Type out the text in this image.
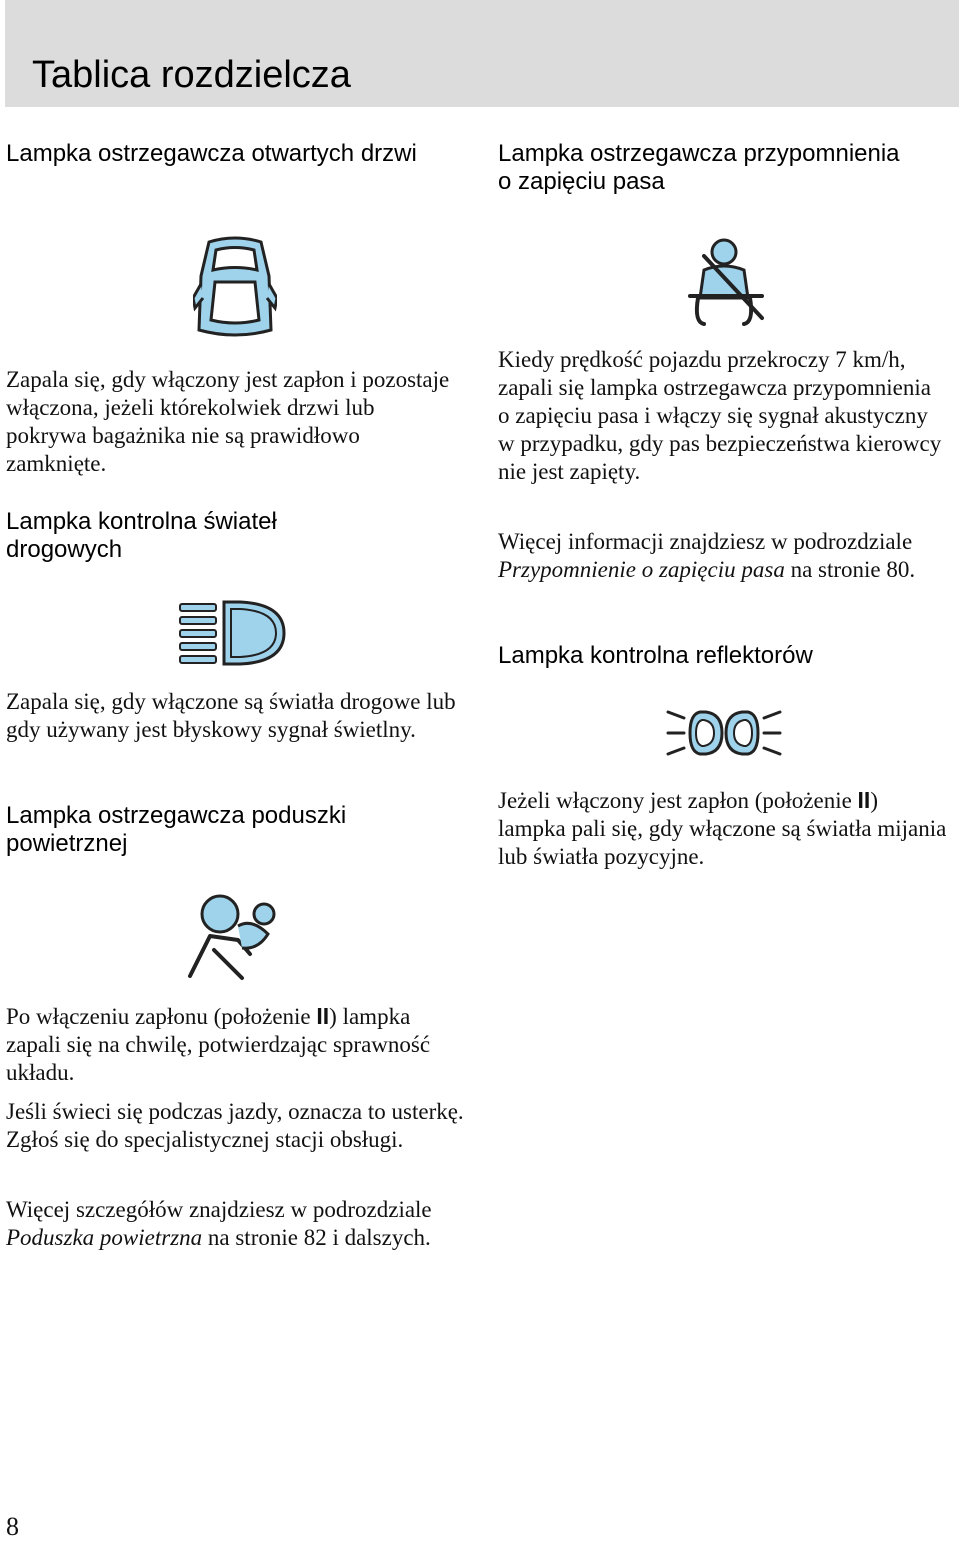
Tablica rozdzielcza
Lampka ostrzegawcza otwartych drzwi

Zapala się, gdy włączony jest zapłon i pozostaje włączona, jeżeli którekolwiek drzwi lub pokrywa bagażnika nie są prawidłowo zamknięte.

Lampka kontrolna świateł drogowych

Zapala się, gdy włączone są światła drogowe lub gdy używany jest błyskowy sygnał świetlny.

Lampka ostrzegawcza poduszki powietrznej

Po włączeniu zapłonu (położenie II) lampka zapali się na chwilę, potwierdzając sprawność układu.

Jeśli świeci się podczas jazdy, oznacza to usterkę. Zgłoś się do specjalistycznej stacji obsługi.

Więcej szczegółów znajdziesz w podrozdziale Poduszka powietrzna na stronie 82 i dalszych.

Lampka ostrzegawcza przypomnienia o zapięciu pasa

Kiedy prędkość pojazdu przekroczy 7 km/h, zapali się lampka ostrzegawcza przypomnienia o zapięciu pasa i włączy się sygnał akustyczny w przypadku, gdy pas bezpieczeństwa kierowcy nie jest zapięty.

Więcej informacji znajdziesz w podrozdziale Przypomnienie o zapięciu pasa na stronie 80.

Lampka kontrolna reflektorów

Jeżeli włączony jest zapłon (położenie II) lampka pali się, gdy włączone są światła mijania lub światła pozycyjne.

8
